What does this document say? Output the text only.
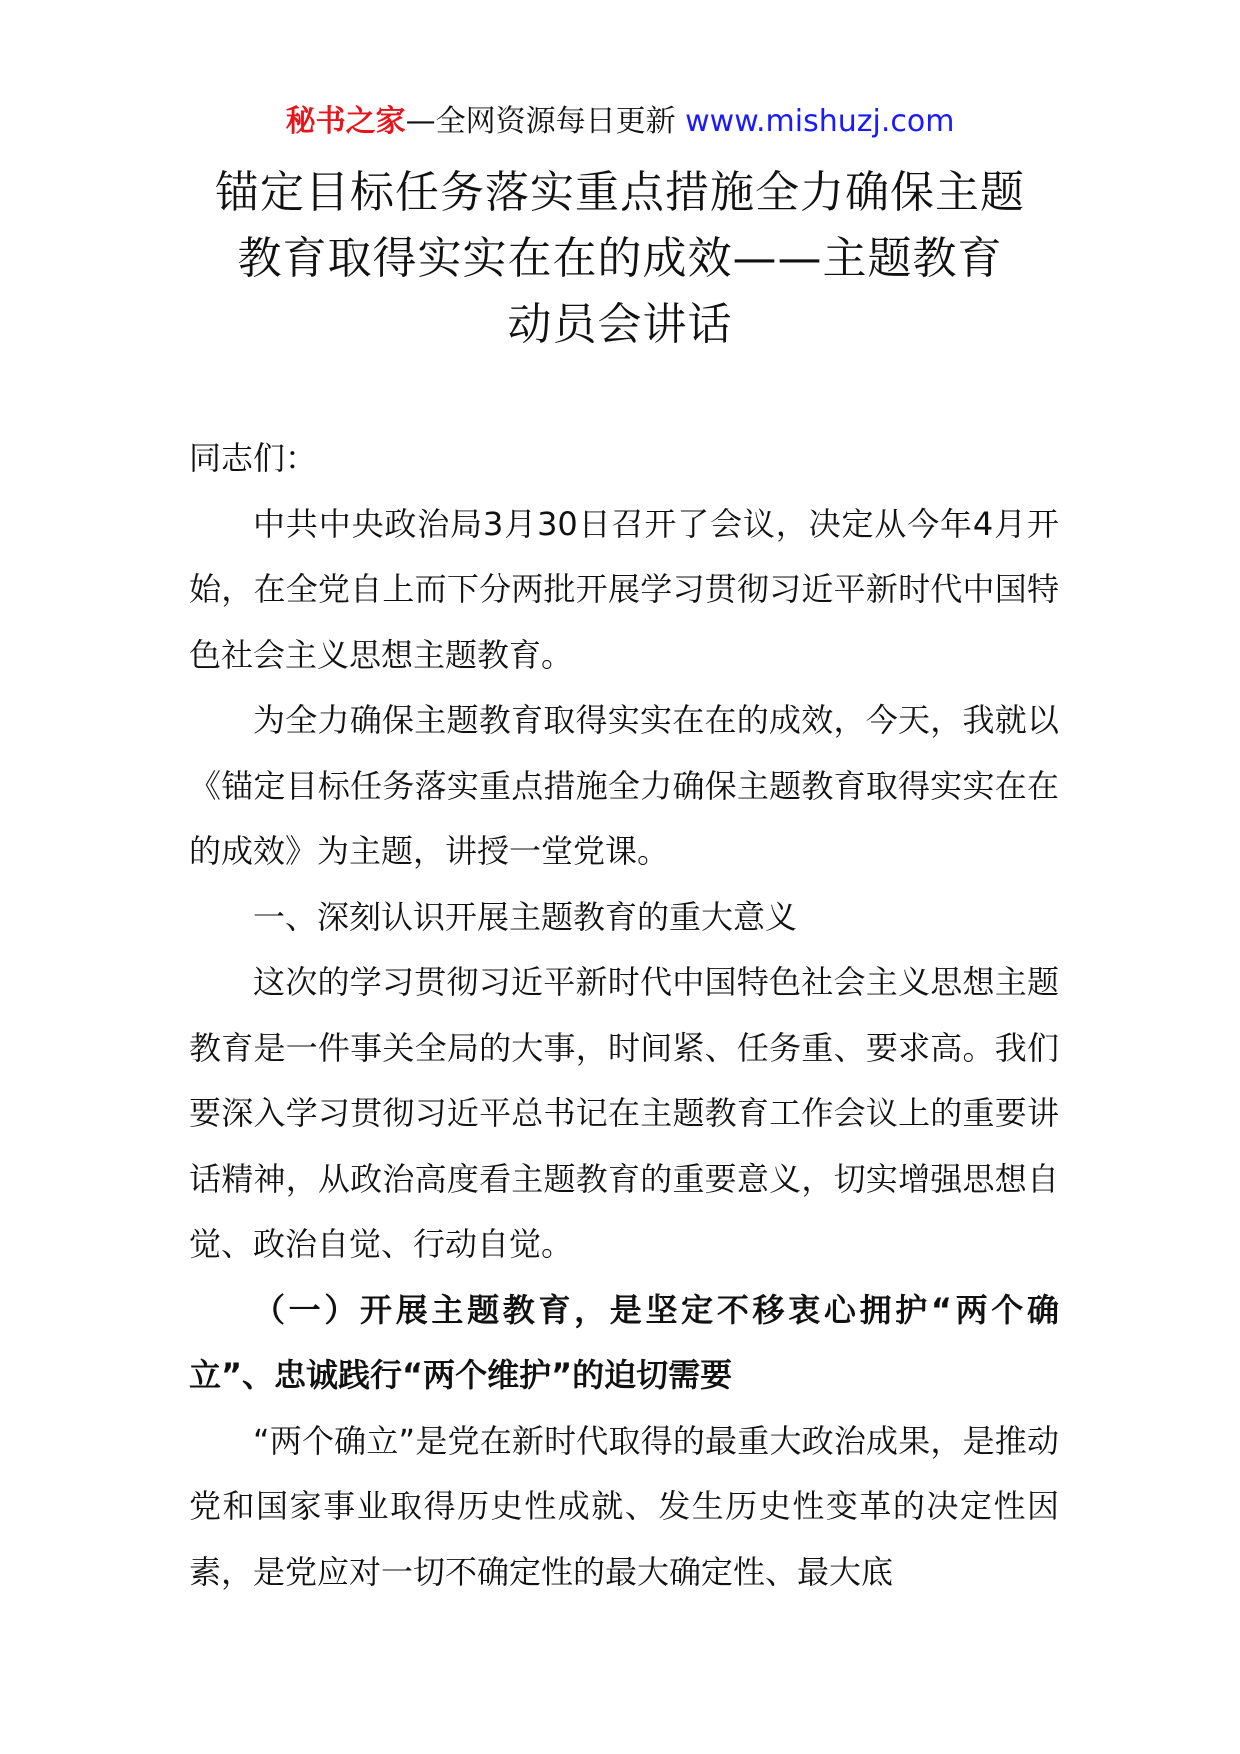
秘书之家—全网资源每日更新 www.mishuzj.com
锚定目标任务落实重点措施全力确保主题
教育取得实实在在的成效——主题教育
动员会讲话

同志们：

中共中央政治局3月30日召开了会议，决定从今年4月开始，在全党自上而下分两批开展学习贯彻习近平新时代中国特色社会主义思想主题教育。

为全力确保主题教育取得实实在在的成效，今天，我就以《锚定目标任务落实重点措施全力确保主题教育取得实实在在的成效》为主题，讲授一堂党课。

一、深刻认识开展主题教育的重大意义

这次的学习贯彻习近平新时代中国特色社会主义思想主题教育是一件事关全局的大事，时间紧、任务重、要求高。我们要深入学习贯彻习近平总书记在主题教育工作会议上的重要讲话精神，从政治高度看主题教育的重要意义，切实增强思想自觉、政治自觉、行动自觉。

（一）开展主题教育，是坚定不移衷心拥护“两个确立”、忠诚践行“两个维护”的迫切需要

“两个确立”是党在新时代取得的最重大政治成果，是推动党和国家事业取得历史性成就、发生历史性变革的决定性因素，是党应对一切不确定性的最大确定性、最大底
